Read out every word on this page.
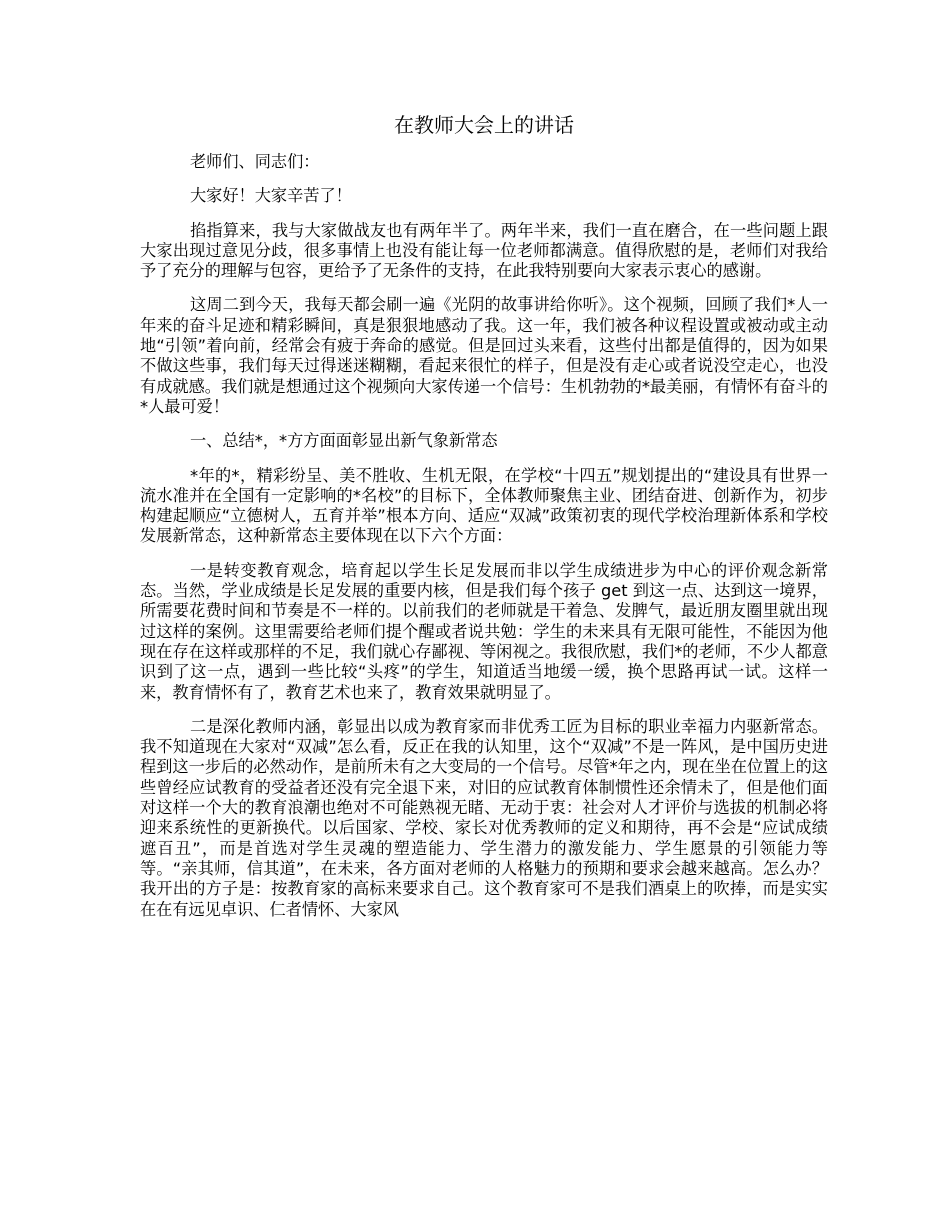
在教师大会上的讲话

老师们、同志们：

大家好！大家辛苦了！

掐指算来，我与大家做战友也有两年半了。两年半来，我们一直在磨合，在一些问题上跟大家出现过意见分歧，很多事情上也没有能让每一位老师都满意。值得欣慰的是，老师们对我给予了充分的理解与包容，更给予了无条件的支持，在此我特别要向大家表示衷心的感谢。

这周二到今天，我每天都会刷一遍《光阴的故事讲给你听》。这个视频，回顾了我们*人一年来的奋斗足迹和精彩瞬间，真是狠狠地感动了我。这一年，我们被各种议程设置或被动或主动地“引领”着向前，经常会有疲于奔命的感觉。但是回过头来看，这些付出都是值得的，因为如果不做这些事，我们每天过得迷迷糊糊，看起来很忙的样子，但是没有走心或者说没空走心，也没有成就感。我们就是想通过这个视频向大家传递一个信号：生机勃勃的*最美丽，有情怀有奋斗的*人最可爱！

一、总结*，*方方面面彰显出新气象新常态

*年的*，精彩纷呈、美不胜收、生机无限，在学校“十四五”规划提出的“建设具有世界一流水准并在全国有一定影响的*名校”的目标下，全体教师聚焦主业、团结奋进、创新作为，初步构建起顺应“立德树人，五育并举”根本方向、适应“双减”政策初衷的现代学校治理新体系和学校发展新常态，这种新常态主要体现在以下六个方面：

一是转变教育观念，培育起以学生长足发展而非以学生成绩进步为中心的评价观念新常态。当然，学业成绩是长足发展的重要内核，但是我们每个孩子 get 到这一点、达到这一境界，所需要花费时间和节奏是不一样的。以前我们的老师就是干着急、发脾气，最近朋友圈里就出现过这样的案例。这里需要给老师们提个醒或者说共勉：学生的未来具有无限可能性，不能因为他现在存在这样或那样的不足，我们就心存鄙视、等闲视之。我很欣慰，我们*的老师，不少人都意识到了这一点，遇到一些比较“头疼”的学生，知道适当地缓一缓，换个思路再试一试。这样一来，教育情怀有了，教育艺术也来了，教育效果就明显了。

二是深化教师内涵，彰显出以成为教育家而非优秀工匠为目标的职业幸福力内驱新常态。我不知道现在大家对“双减”怎么看，反正在我的认知里，这个“双减”不是一阵风，是中国历史进程到这一步后的必然动作，是前所未有之大变局的一个信号。尽管*年之内，现在坐在位置上的这些曾经应试教育的受益者还没有完全退下来，对旧的应试教育体制惯性还余情未了，但是他们面对这样一个大的教育浪潮也绝对不可能熟视无睹、无动于衷：社会对人才评价与选拔的机制必将迎来系统性的更新换代。以后国家、学校、家长对优秀教师的定义和期待，再不会是“应试成绩遮百丑”，而是首选对学生灵魂的塑造能力、学生潜力的激发能力、学生愿景的引领能力等等。“亲其师，信其道”，在未来，各方面对老师的人格魅力的预期和要求会越来越高。怎么办？我开出的方子是：按教育家的高标来要求自己。这个教育家可不是我们酒桌上的吹捧，而是实实在在有远见卓识、仁者情怀、大家风
